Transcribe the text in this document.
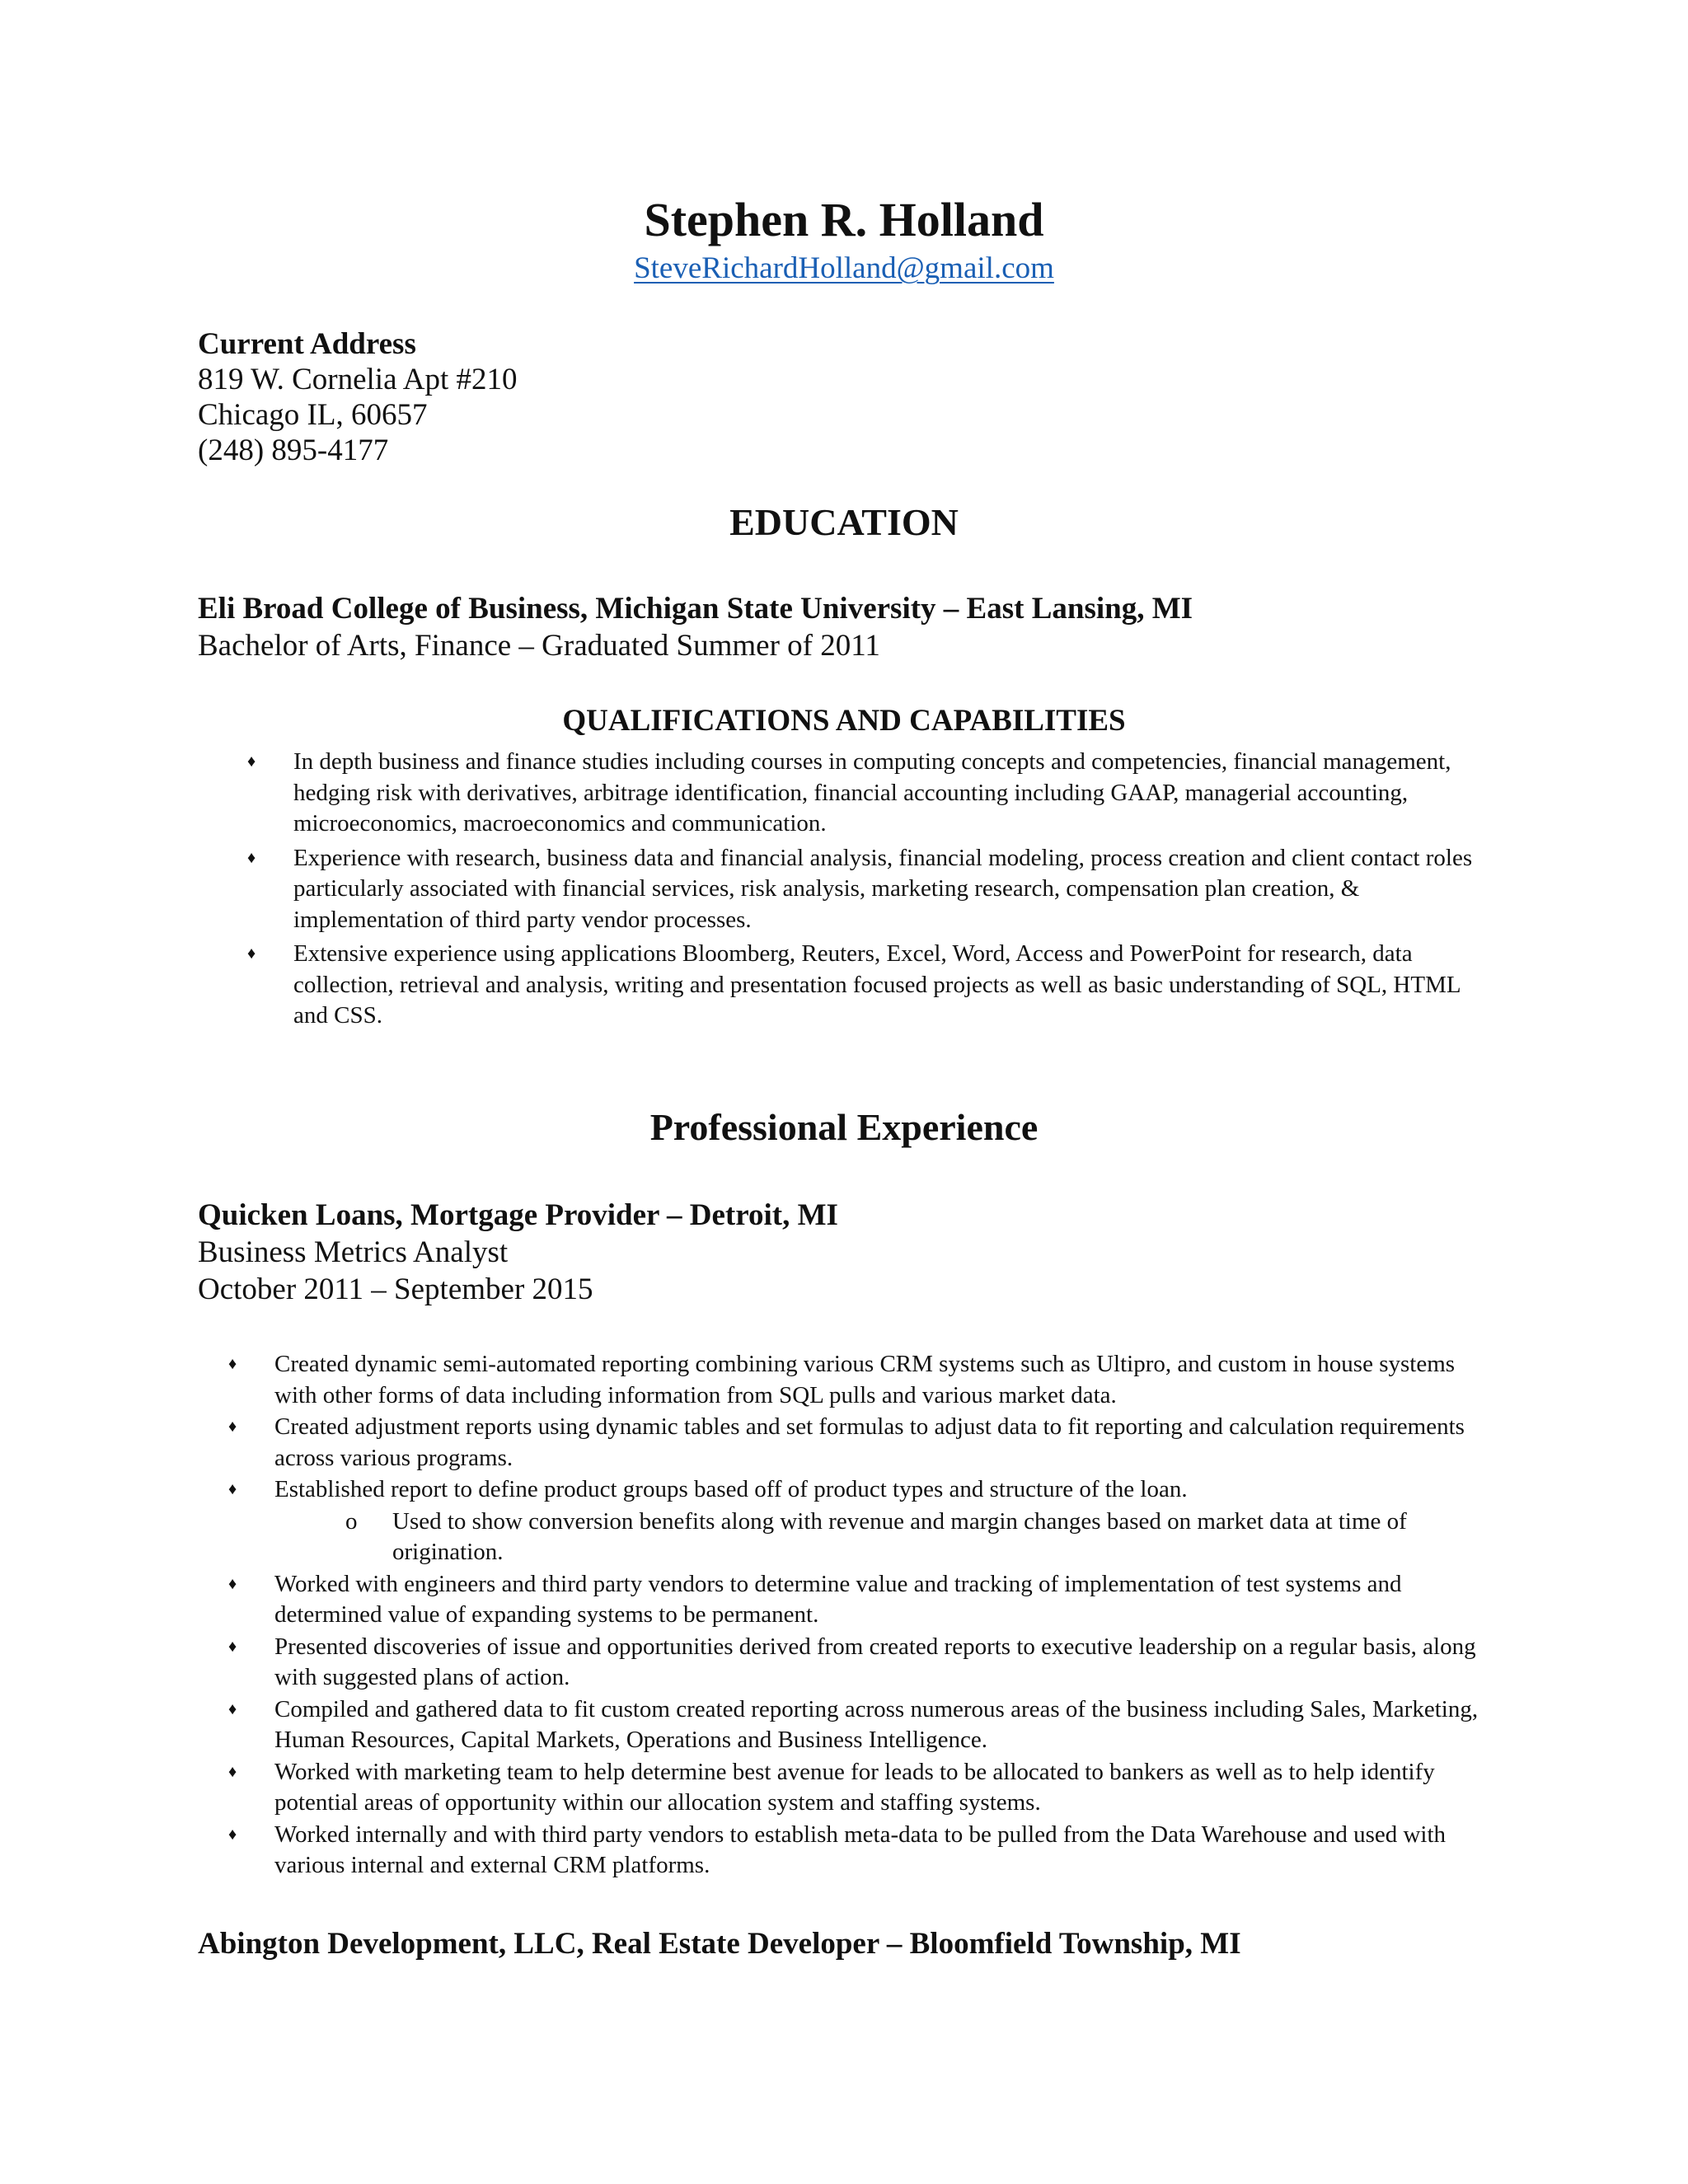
Stephen R. Holland
SteveRichardHolland@gmail.com
Current Address
819 W. Cornelia Apt #210
Chicago IL, 60657
(248) 895-4177
EDUCATION
Eli Broad College of Business, Michigan State University – East Lansing, MI
Bachelor of Arts, Finance – Graduated Summer of 2011
QUALIFICATIONS AND CAPABILITIES
♦ In depth business and finance studies including courses in computing concepts and competencies, financial management, hedging risk with derivatives, arbitrage identification, financial accounting including GAAP, managerial accounting, microeconomics, macroeconomics and communication.
♦ Experience with research, business data and financial analysis, financial modeling, process creation and client contact roles particularly associated with financial services, risk analysis, marketing research, compensation plan creation, & implementation of third party vendor processes.
♦ Extensive experience using applications Bloomberg, Reuters, Excel, Word, Access and PowerPoint for research, data collection, retrieval and analysis, writing and presentation focused projects as well as basic understanding of SQL, HTML and CSS.
Professional Experience
Quicken Loans, Mortgage Provider – Detroit, MI
Business Metrics Analyst
October 2011 – September 2015
♦ Created dynamic semi-automated reporting combining various CRM systems such as Ultipro, and custom in house systems with other forms of data including information from SQL pulls and various market data.
♦ Created adjustment reports using dynamic tables and set formulas to adjust data to fit reporting and calculation requirements across various programs.
♦ Established report to define product groups based off of product types and structure of the loan.
o Used to show conversion benefits along with revenue and margin changes based on market data at time of origination.
♦ Worked with engineers and third party vendors to determine value and tracking of implementation of test systems and determined value of expanding systems to be permanent.
♦ Presented discoveries of issue and opportunities derived from created reports to executive leadership on a regular basis, along with suggested plans of action.
♦ Compiled and gathered data to fit custom created reporting across numerous areas of the business including Sales, Marketing, Human Resources, Capital Markets, Operations and Business Intelligence.
♦ Worked with marketing team to help determine best avenue for leads to be allocated to bankers as well as to help identify potential areas of opportunity within our allocation system and staffing systems.
♦ Worked internally and with third party vendors to establish meta-data to be pulled from the Data Warehouse and used with various internal and external CRM platforms.
Abington Development, LLC, Real Estate Developer – Bloomfield Township, MI
